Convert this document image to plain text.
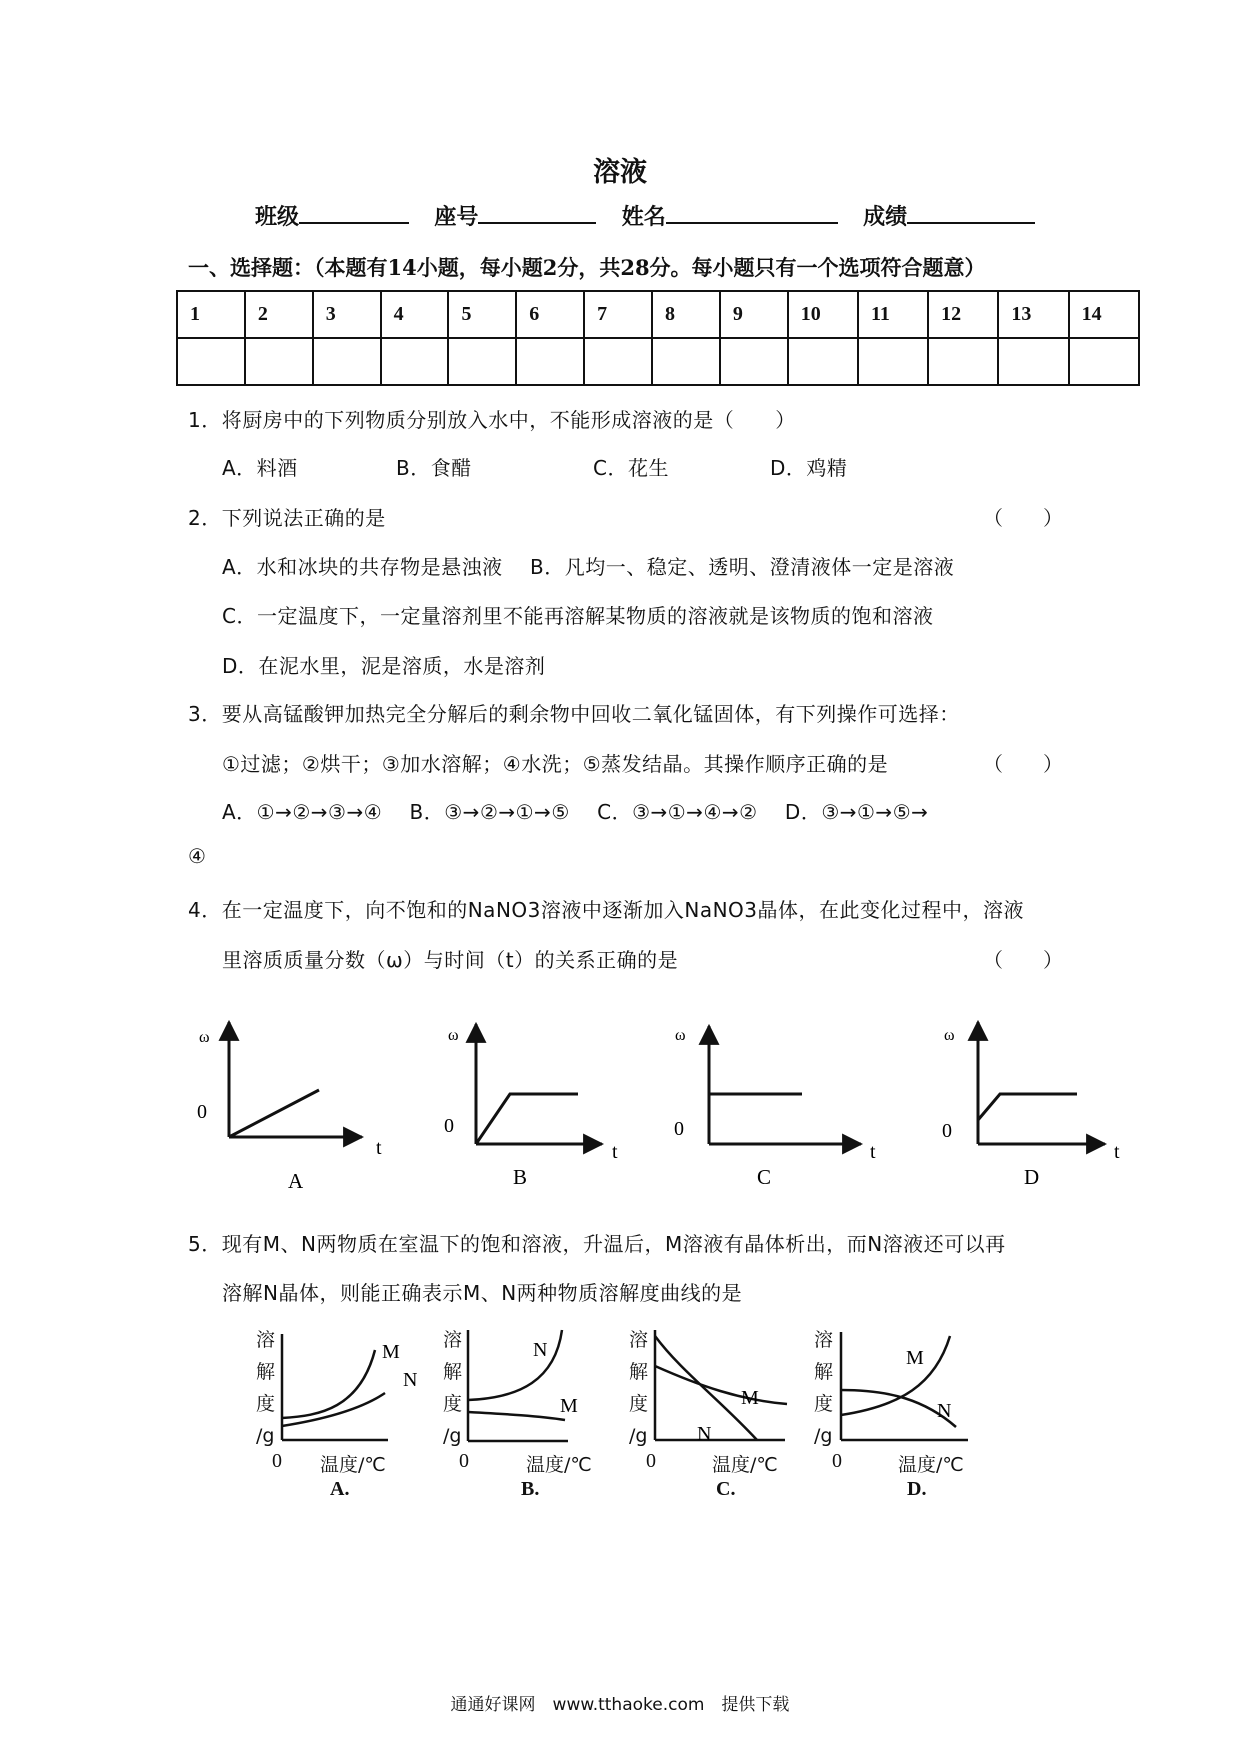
溶液
班级	座号	姓名	成绩
一、选择题：（本题有14小题，每小题2分，共28分。每小题只有一个选项符合题意）
1	2	3	4	5	6	7	8	9	10	11	12	13	14

1．将厨房中的下列物质分别放入水中，不能形成溶液的是（　　）
A．料酒	B．食醋	C．花生	D．鸡精
2．下列说法正确的是	（　　）
A．水和冰块的共存物是悬浊液　 B．凡均一、稳定、透明、澄清液体一定是溶液
C．一定温度下，一定量溶剂里不能再溶解某物质的溶液就是该物质的饱和溶液
D．在泥水里，泥是溶质，水是溶剂
3．要从高锰酸钾加热完全分解后的剩余物中回收二氧化锰固体，有下列操作可选择：
①过滤；②烘干；③加水溶解；④水洗；⑤蒸发结晶。其操作顺序正确的是	（　　）
A．①→②→③→④　 B．③→②→①→⑤　 C．③→①→④→②　 D．③→①→⑤→
④
4．在一定温度下，向不饱和的NaNO3溶液中逐渐加入NaNO3晶体，在此变化过程中，溶液
里溶质质量分数（ω）与时间（t）的关系正确的是	（　　）
ω
0
t
A
ω
0
t
B
ω
0
t
C
ω
0
t
D
5．现有M、N两物质在室温下的饱和溶液，升温后，M溶液有晶体析出，而N溶液还可以再
溶解N晶体，则能正确表示M、N两种物质溶解度曲线的是
M
N
N
M	M
N
M
N
溶
解
度
/g
0 温度/℃
A.
溶
解
度
/g
0	温度/℃
B.
溶
解
度
/g
0	温度/℃
C.
溶
解
度
/g
0	温度/℃
D.
通通好课网　www.tthaoke.com　提供下载
